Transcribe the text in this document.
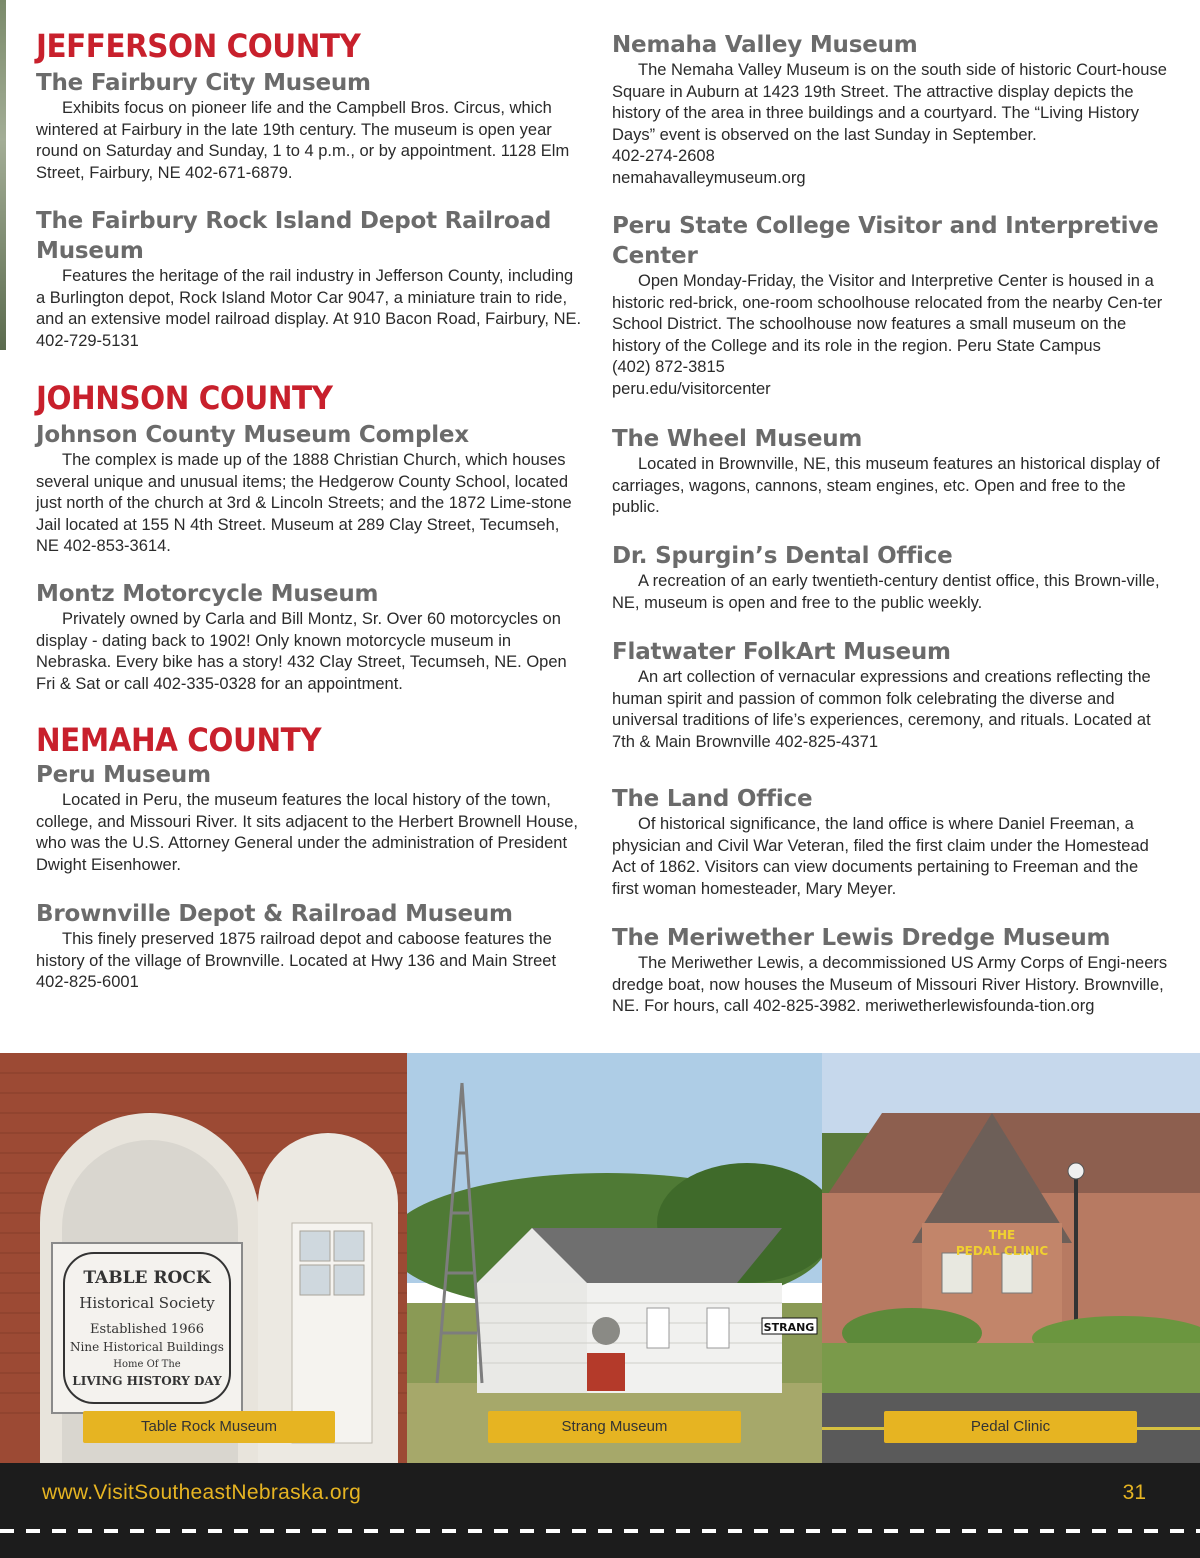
JEFFERSON COUNTY
The Fairbury City Museum

Exhibits focus on pioneer life and the Campbell Bros. Circus, which wintered at Fairbury in the late 19th century. The museum is open year round on Saturday and Sunday, 1 to 4 p.m., or by appointment. 1128 Elm Street, Fairbury, NE 402-671-6879.

The Fairbury Rock Island Depot Railroad Museum

Features the heritage of the rail industry in Jefferson County, including a Burlington depot, Rock Island Motor Car 9047, a miniature train to ride, and an extensive model railroad display. At 910 Bacon Road, Fairbury, NE. 402-729-5131

JOHNSON COUNTY
Johnson County Museum Complex

The complex is made up of the 1888 Christian Church, which houses several unique and unusual items; the Hedgerow County School, located just north of the church at 3rd & Lincoln Streets; and the 1872 Lime-stone Jail located at 155 N 4th Street. Museum at 289 Clay Street, Tecumseh, NE 402-853-3614.

Montz Motorcycle Museum

Privately owned by Carla and Bill Montz, Sr. Over 60 motorcycles on display - dating back to 1902! Only known motorcycle museum in Nebraska. Every bike has a story! 432 Clay Street, Tecumseh, NE. Open Fri & Sat or call 402-335-0328 for an appointment.

NEMAHA COUNTY
Peru Museum

Located in Peru, the museum features the local history of the town, college, and Missouri River. It sits adjacent to the Herbert Brownell House, who was the U.S. Attorney General under the administration of President Dwight Eisenhower.

Brownville Depot & Railroad Museum

This finely preserved 1875 railroad depot and caboose features the history of the village of Brownville. Located at Hwy 136 and Main Street 402-825-6001

Nemaha Valley Museum

The Nemaha Valley Museum is on the south side of historic Court-house Square in Auburn at 1423 19th Street. The attractive display depicts the history of the area in three buildings and a courtyard. The “Living History Days” event is observed on the last Sunday in September.

402-274-2608

nemahavalleymuseum.org

Peru State College Visitor and Interpretive Center

Open Monday-Friday, the Visitor and Interpretive Center is housed in a historic red-brick, one-room schoolhouse relocated from the nearby Cen-ter School District. The schoolhouse now features a small museum on the history of the College and its role in the region. Peru State Campus

(402) 872-3815

peru.edu/visitorcenter

The Wheel Museum

Located in Brownville, NE, this museum features an historical display of carriages, wagons, cannons, steam engines, etc. Open and free to the public.

Dr. Spurgin’s Dental Office

A recreation of an early twentieth-century dentist office, this Brown-ville, NE, museum is open and free to the public weekly.

Flatwater FolkArt Museum

An art collection of vernacular expressions and creations reflecting the human spirit and passion of common folk celebrating the diverse and universal traditions of life’s experiences, ceremony, and rituals. Located at 7th & Main Brownville 402-825-4371

The Land Office

Of historical significance, the land office is where Daniel Freeman, a physician and Civil War Veteran, filed the first claim under the Homestead Act of 1862. Visitors can view documents pertaining to Freeman and the first woman homesteader, Mary Meyer.

The Meriwether Lewis Dredge Museum

The Meriwether Lewis, a decommissioned US Army Corps of Engi-neers dredge boat, now houses the Museum of Missouri River History. Brownville, NE. For hours, call 402-825-3982. meriwetherlewisfounda-tion.org

TABLE ROCK
Historical Society
Established 1966
Nine Historical Buildings
Home Of The
LIVING HISTORY DAY
Table Rock Museum
STRANG
Strang Museum
THE
PEDAL CLINIC
Pedal Clinic
www.VisitSoutheastNebraska.org	31
